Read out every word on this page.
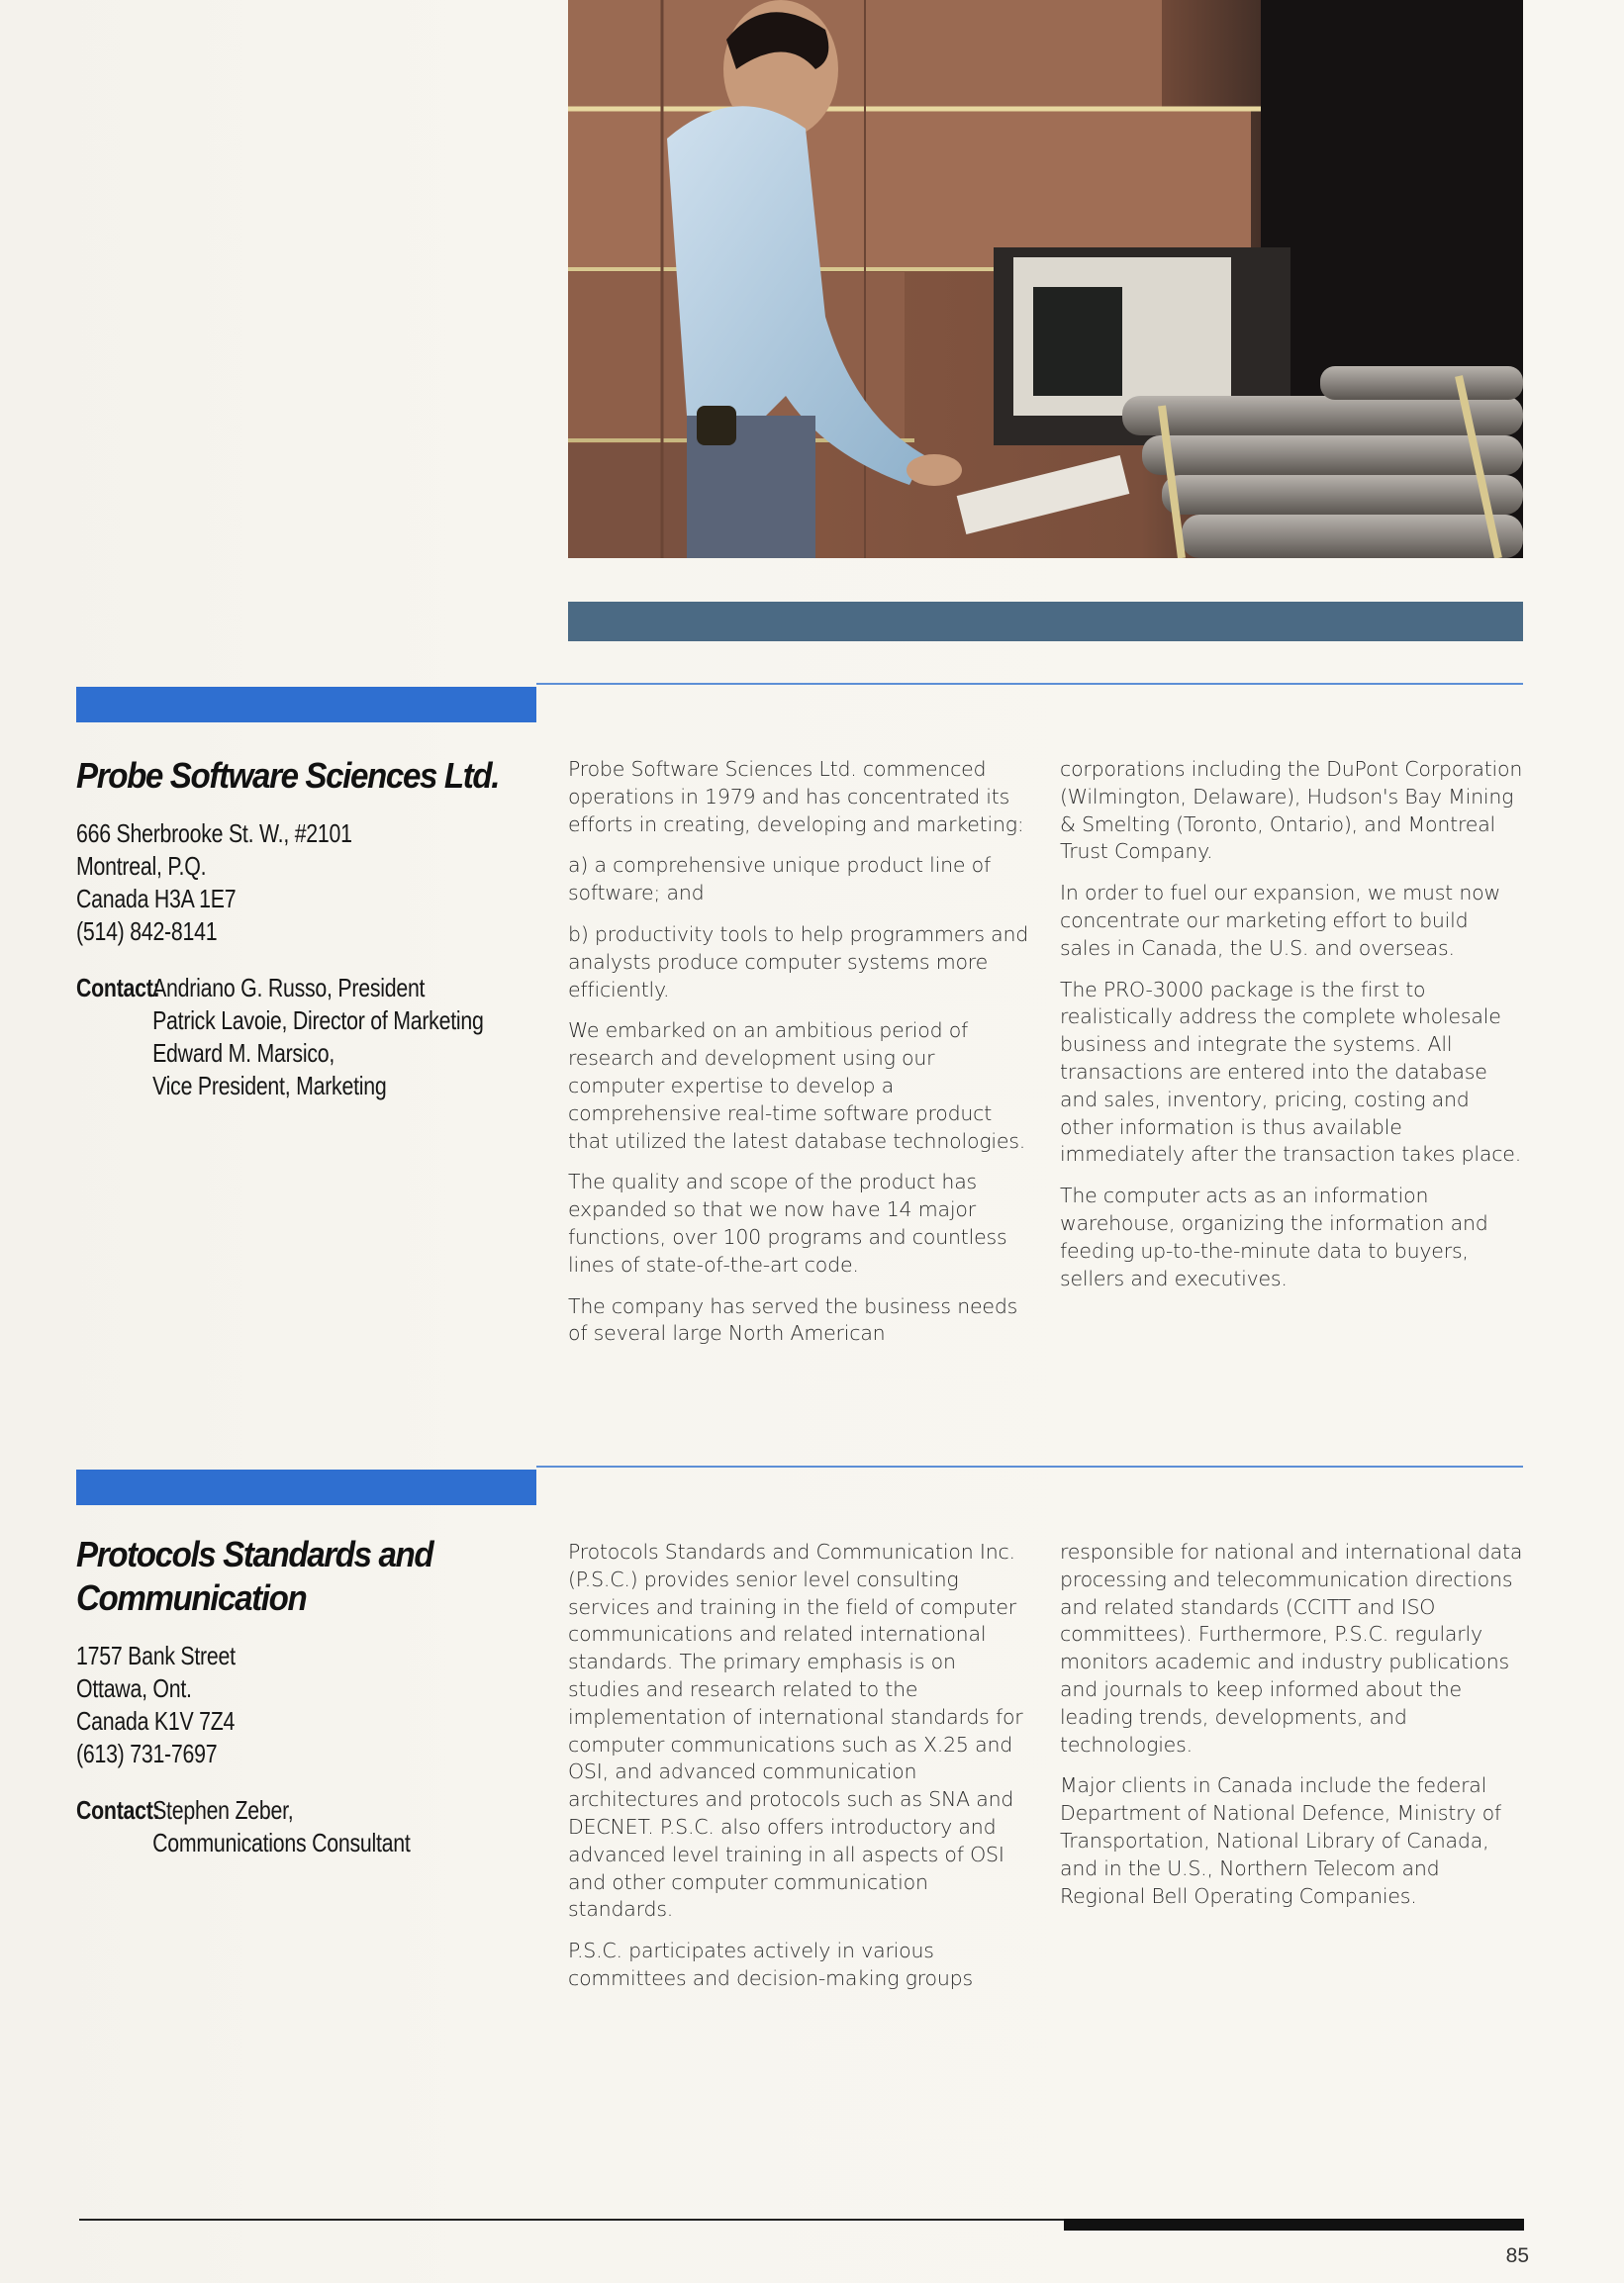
Probe Software Sciences Ltd.
666 Sherbrooke St. W., #2101
Montreal, P.Q.
Canada H3A 1E7
(514) 842-8141
Contact:
Andriano G. Russo, President
Patrick Lavoie, Director of Marketing
Edward M. Marsico,
Vice President, Marketing

Probe Software Sciences Ltd. commenced operations in 1979 and has concentrated its efforts in creating, developing and marketing:

a) a comprehensive unique product line of software; and

b) productivity tools to help programmers and analysts produce computer systems more efficiently.

We embarked on an ambitious period of research and development using our computer expertise to develop a comprehensive real-time software product that utilized the latest database technologies.

The quality and scope of the product has expanded so that we now have 14 major functions, over 100 programs and countless lines of state-of-the-art code.

The company has served the business needs of several large North American

corporations including the DuPont Corporation (Wilmington, Delaware), Hudson's Bay Mining & Smelting (Toronto, Ontario), and Montreal Trust Company.

In order to fuel our expansion, we must now concentrate our marketing effort to build sales in Canada, the U.S. and overseas.

The PRO-3000 package is the first to realistically address the complete wholesale business and integrate the systems. All transactions are entered into the database and sales, inventory, pricing, costing and other information is thus available immediately after the transaction takes place.

The computer acts as an information warehouse, organizing the information and feeding up-to-the-minute data to buyers, sellers and executives.

Protocols Standards and
Communication
1757 Bank Street
Ottawa, Ont.
Canada K1V 7Z4
(613) 731-7697
Contact:
Stephen Zeber,
Communications Consultant

Protocols Standards and Communication Inc. (P.S.C.) provides senior level consulting services and training in the field of computer communications and related international standards. The primary emphasis is on studies and research related to the implementation of international standards for computer communications such as X.25 and OSI, and advanced communication architectures and protocols such as SNA and DECNET. P.S.C. also offers introductory and advanced level training in all aspects of OSI and other computer communication standards.

P.S.C. participates actively in various committees and decision-making groups

responsible for national and international data processing and telecommunication directions and related standards (CCITT and ISO committees). Furthermore, P.S.C. regularly monitors academic and industry publications and journals to keep informed about the leading trends, developments, and technologies.

Major clients in Canada include the federal Department of National Defence, Ministry of Transportation, National Library of Canada, and in the U.S., Northern Telecom and Regional Bell Operating Companies.

85
